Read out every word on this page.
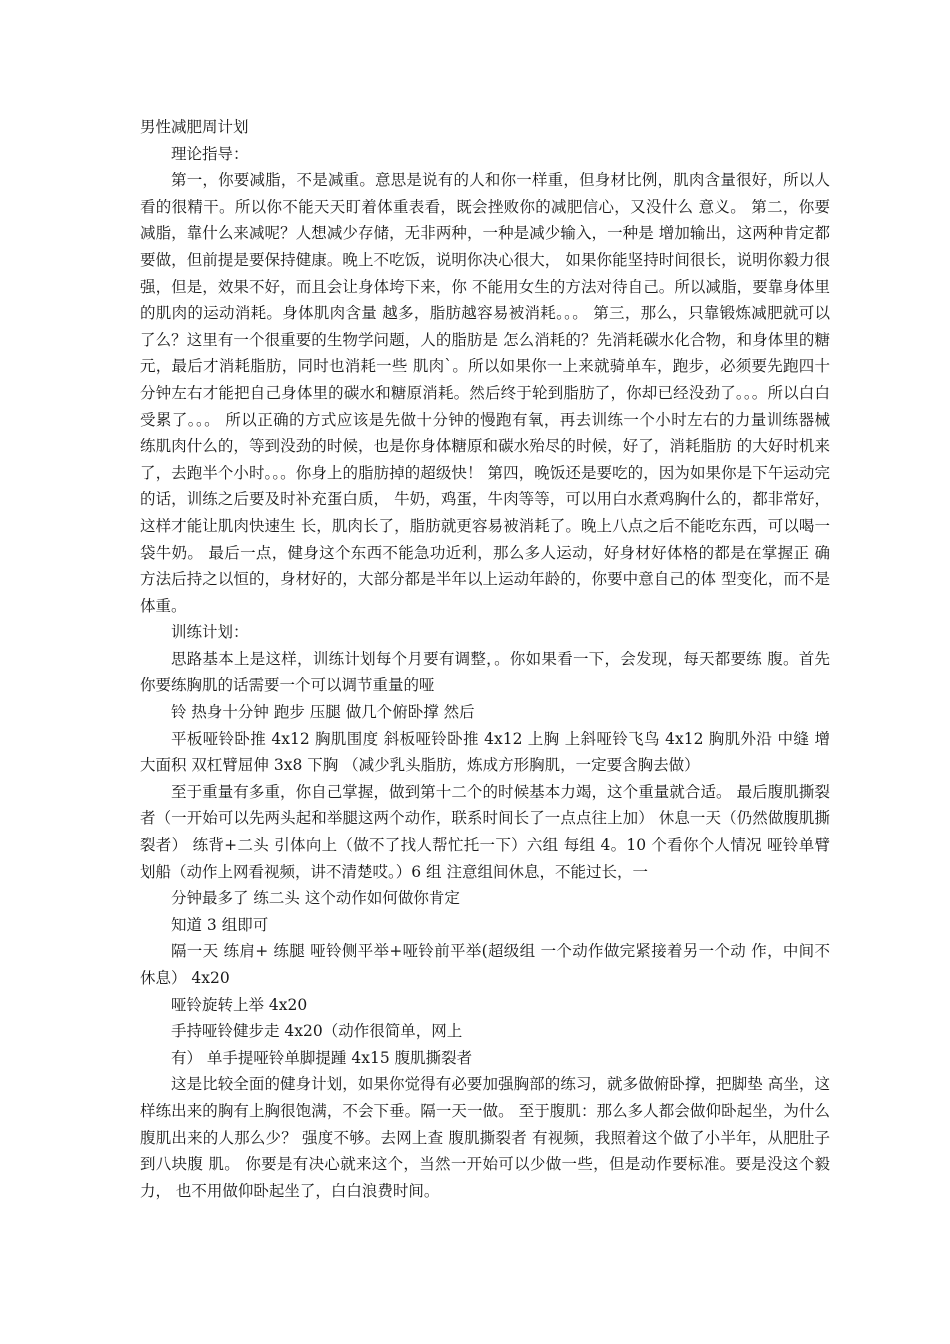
男性减肥周计划

理论指导：

第一，你要减脂，不是减重。意思是说有的人和你一样重，但身材比例，肌肉含量很好，所以人看的很精干。所以你不能天天盯着体重表看，既会挫败你的减肥信心，又没什么 意义。 第二，你要减脂，靠什么来减呢？人想减少存储，无非两种，一种是减少输入，一种是 增加输出，这两种肯定都要做，但前提是要保持健康。晚上不吃饭，说明你决心很大， 如果你能坚持时间很长，说明你毅力很强，但是，效果不好，而且会让身体垮下来，你 不能用女生的方法对待自己。所以减脂，要靠身体里的肌肉的运动消耗。身体肌肉含量 越多，脂肪越容易被消耗。。。 第三，那么，只靠锻炼减肥就可以了么？这里有一个很重要的生物学问题，人的脂肪是 怎么消耗的？先消耗碳水化合物，和身体里的糖元，最后才消耗脂肪，同时也消耗一些 肌肉`。所以如果你一上来就骑单车，跑步，必须要先跑四十分钟左右才能把自己身体里的碳水和糖原消耗。然后终于轮到脂肪了，你却已经没劲了。。。所以白白受累了。。。 所以正确的方式应该是先做十分钟的慢跑有氧，再去训练一个小时左右的力量训练器械 练肌肉什么的，等到没劲的时候，也是你身体糖原和碳水殆尽的时候，好了，消耗脂肪 的大好时机来了，去跑半个小时。。。你身上的脂肪掉的超级快！ 第四，晚饭还是要吃的，因为如果你是下午运动完的话，训练之后要及时补充蛋白质， 牛奶，鸡蛋，牛肉等等，可以用白水煮鸡胸什么的，都非常好，这样才能让肌肉快速生 长，肌肉长了，脂肪就更容易被消耗了。晚上八点之后不能吃东西，可以喝一袋牛奶。 最后一点，健身这个东西不能急功近利，那么多人运动，好身材好体格的都是在掌握正 确方法后持之以恒的，身材好的，大部分都是半年以上运动年龄的，你要中意自己的体 型变化，而不是体重。

训练计划：

思路基本上是这样，训练计划每个月要有调整，。你如果看一下，会发现，每天都要练 腹。首先你要练胸肌的话需要一个可以调节重量的哑

铃 热身十分钟 跑步 压腿 做几个俯卧撑 然后

平板哑铃卧推 4x12 胸肌围度 斜板哑铃卧推 4x12 上胸 上斜哑铃飞鸟 4x12 胸肌外沿 中缝 增大面积 双杠臂屈伸 3x8 下胸 （减少乳头脂肪，炼成方形胸肌，一定要含胸去做）

至于重量有多重，你自己掌握，做到第十二个的时候基本力竭，这个重量就合适。 最后腹肌撕裂者（一开始可以先两头起和举腿这两个动作，联系时间长了一点点往上加） 休息一天（仍然做腹肌撕裂者） 练背+二头 引体向上（做不了找人帮忙托一下）六组 每组 4。10 个看你个人情况 哑铃单臂划船（动作上网看视频，讲不清楚哎。）6 组 注意组间休息，不能过长，一

分钟最多了 练二头 这个动作如何做你肯定

知道 3 组即可

隔一天 练肩+ 练腿 哑铃侧平举+哑铃前平举(超级组 一个动作做完紧接着另一个动 作，中间不休息） 4x20

哑铃旋转上举 4x20

手持哑铃健步走 4x20（动作很简单，网上

有） 单手提哑铃单脚提踵 4x15 腹肌撕裂者

这是比较全面的健身计划，如果你觉得有必要加强胸部的练习，就多做俯卧撑，把脚垫 高坐，这样练出来的胸有上胸很饱满，不会下垂。隔一天一做。 至于腹肌：那么多人都会做仰卧起坐，为什么腹肌出来的人那么少？ 强度不够。去网上查 腹肌撕裂者 有视频，我照着这个做了小半年，从肥肚子到八块腹 肌。 你要是有决心就来这个，当然一开始可以少做一些，但是动作要标准。要是没这个毅力， 也不用做仰卧起坐了，白白浪费时间。
